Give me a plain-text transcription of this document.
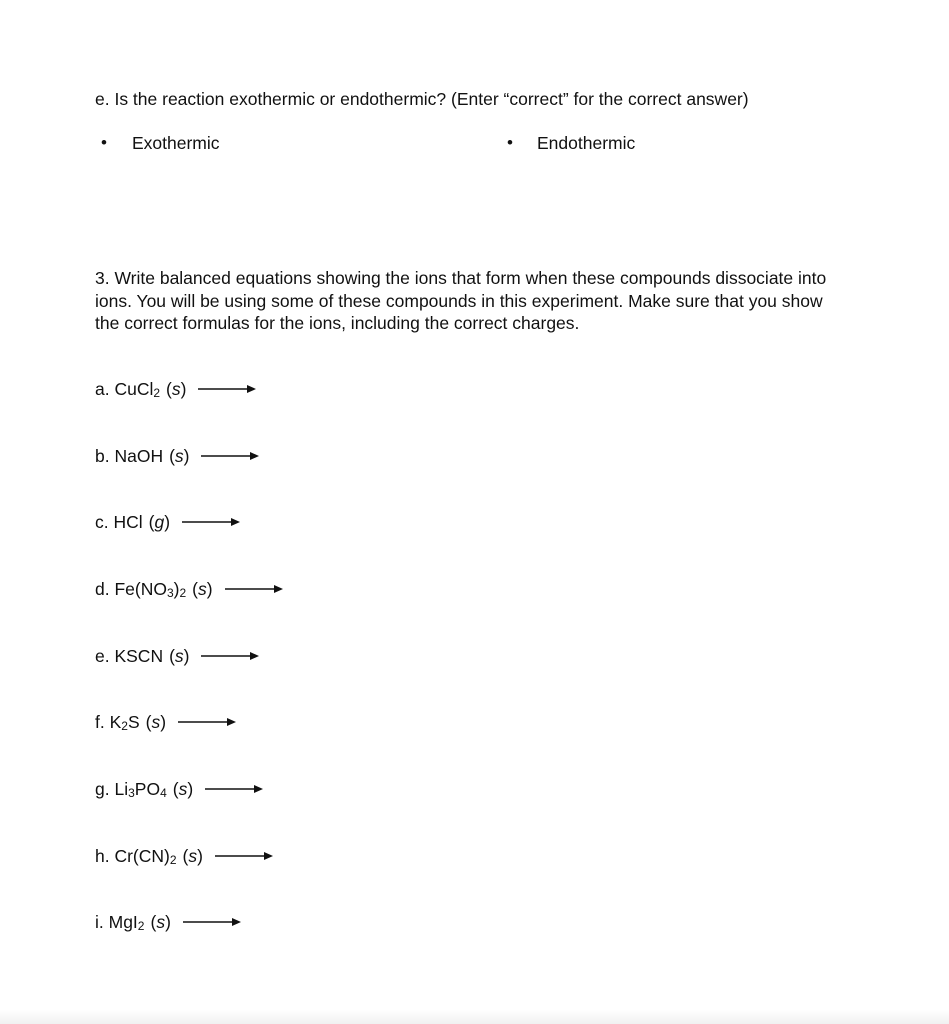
e. Is the reaction exothermic or endothermic? (Enter “correct” for the correct answer)
• Exothermic	• Endothermic
3. Write balanced equations showing the ions that form when these compounds dissociate into ions. You will be using some of these compounds in this experiment. Make sure that you show the correct formulas for the ions, including the correct charges.
a. CuCl$_2$ (s) →
b. NaOH (s) →
c. HCl (g) →
d. $Fe(NO_3)_2$ (s) →
e. KSCN (s) →
f. $K_2S$ (s) →
g. $Li_3PO_4$ (s) →
h. $Cr(CN)_2$ (s) →
i. MgI$_2$ (s) →
